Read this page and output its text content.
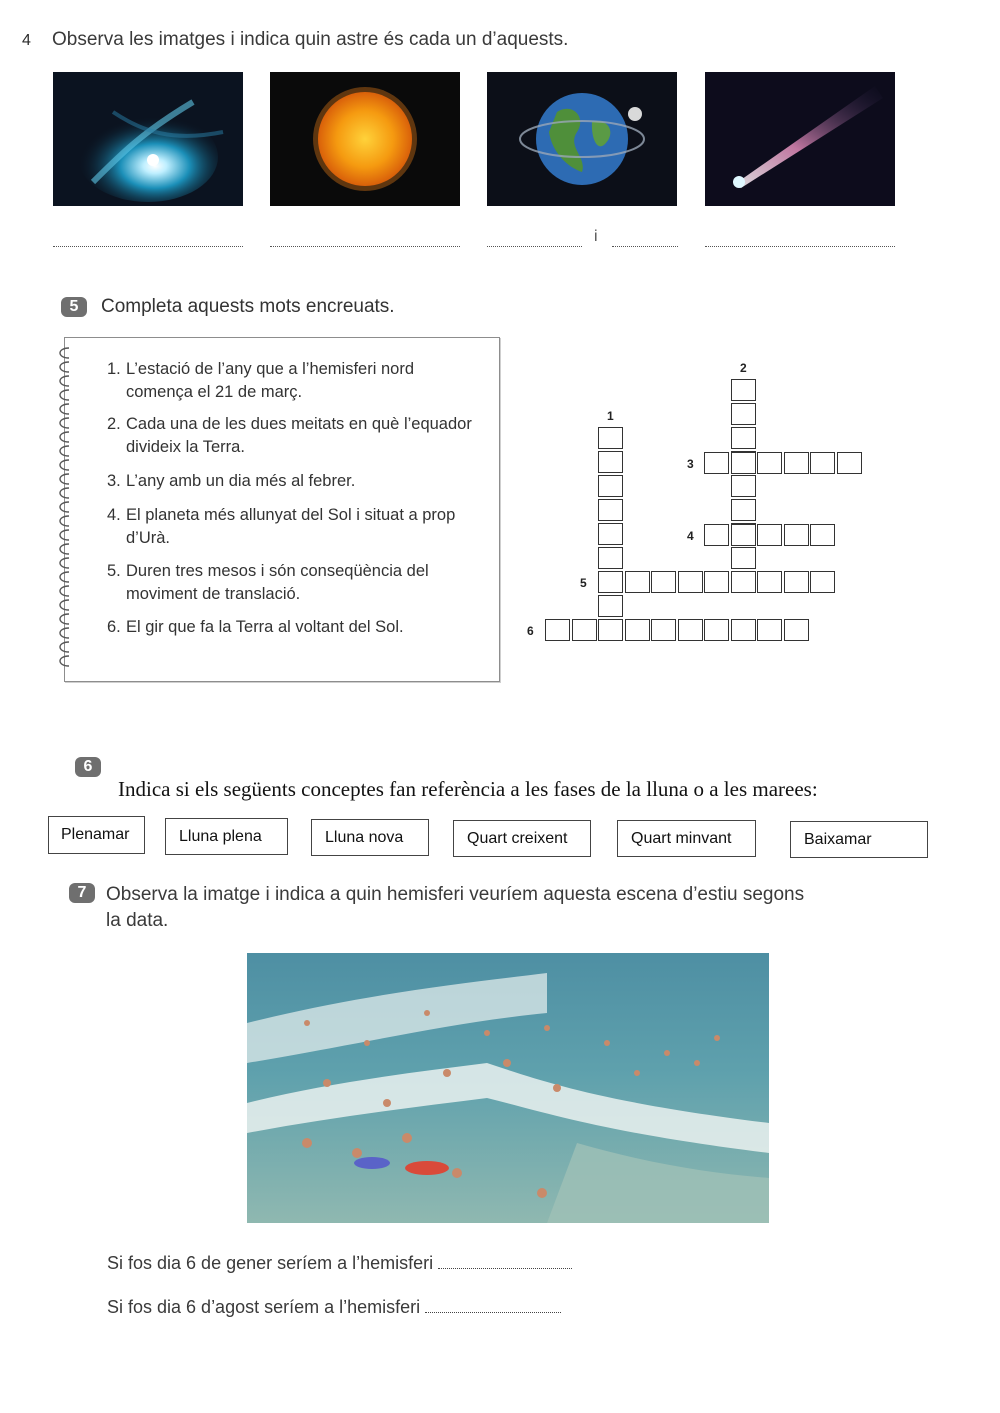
4 Observa les imatges i indica quin astre és cada un d’aquests.
i
5	Completa aquests mots encreuats.
1. L’estació de l’any que a l’hemisferi nord comença el 21 de març.
2. Cada una de les dues meitats en què l’equador divideix la Terra.
3. L’any amb un dia més al febrer.
4. El planeta més allunyat del Sol i situat a prop d’Urà.
5. Duren tres mesos i són conseqüència del moviment de translació.
6. El gir que fa la Terra al voltant del Sol.
2
1
3
4
5
6
6
Indica si els següents conceptes fan referència a les fases de la lluna o a les marees:
Plenamar	Lluna plena	Lluna nova	Quart creixent	Quart minvant	Baixamar
7	Observa la imatge i indica a quin hemisferi veuríem aquesta escena d’estiu segons la data.
Si fos dia 6 de gener seríem a l’hemisferi
Si fos dia 6 d’agost seríem a l’hemisferi
